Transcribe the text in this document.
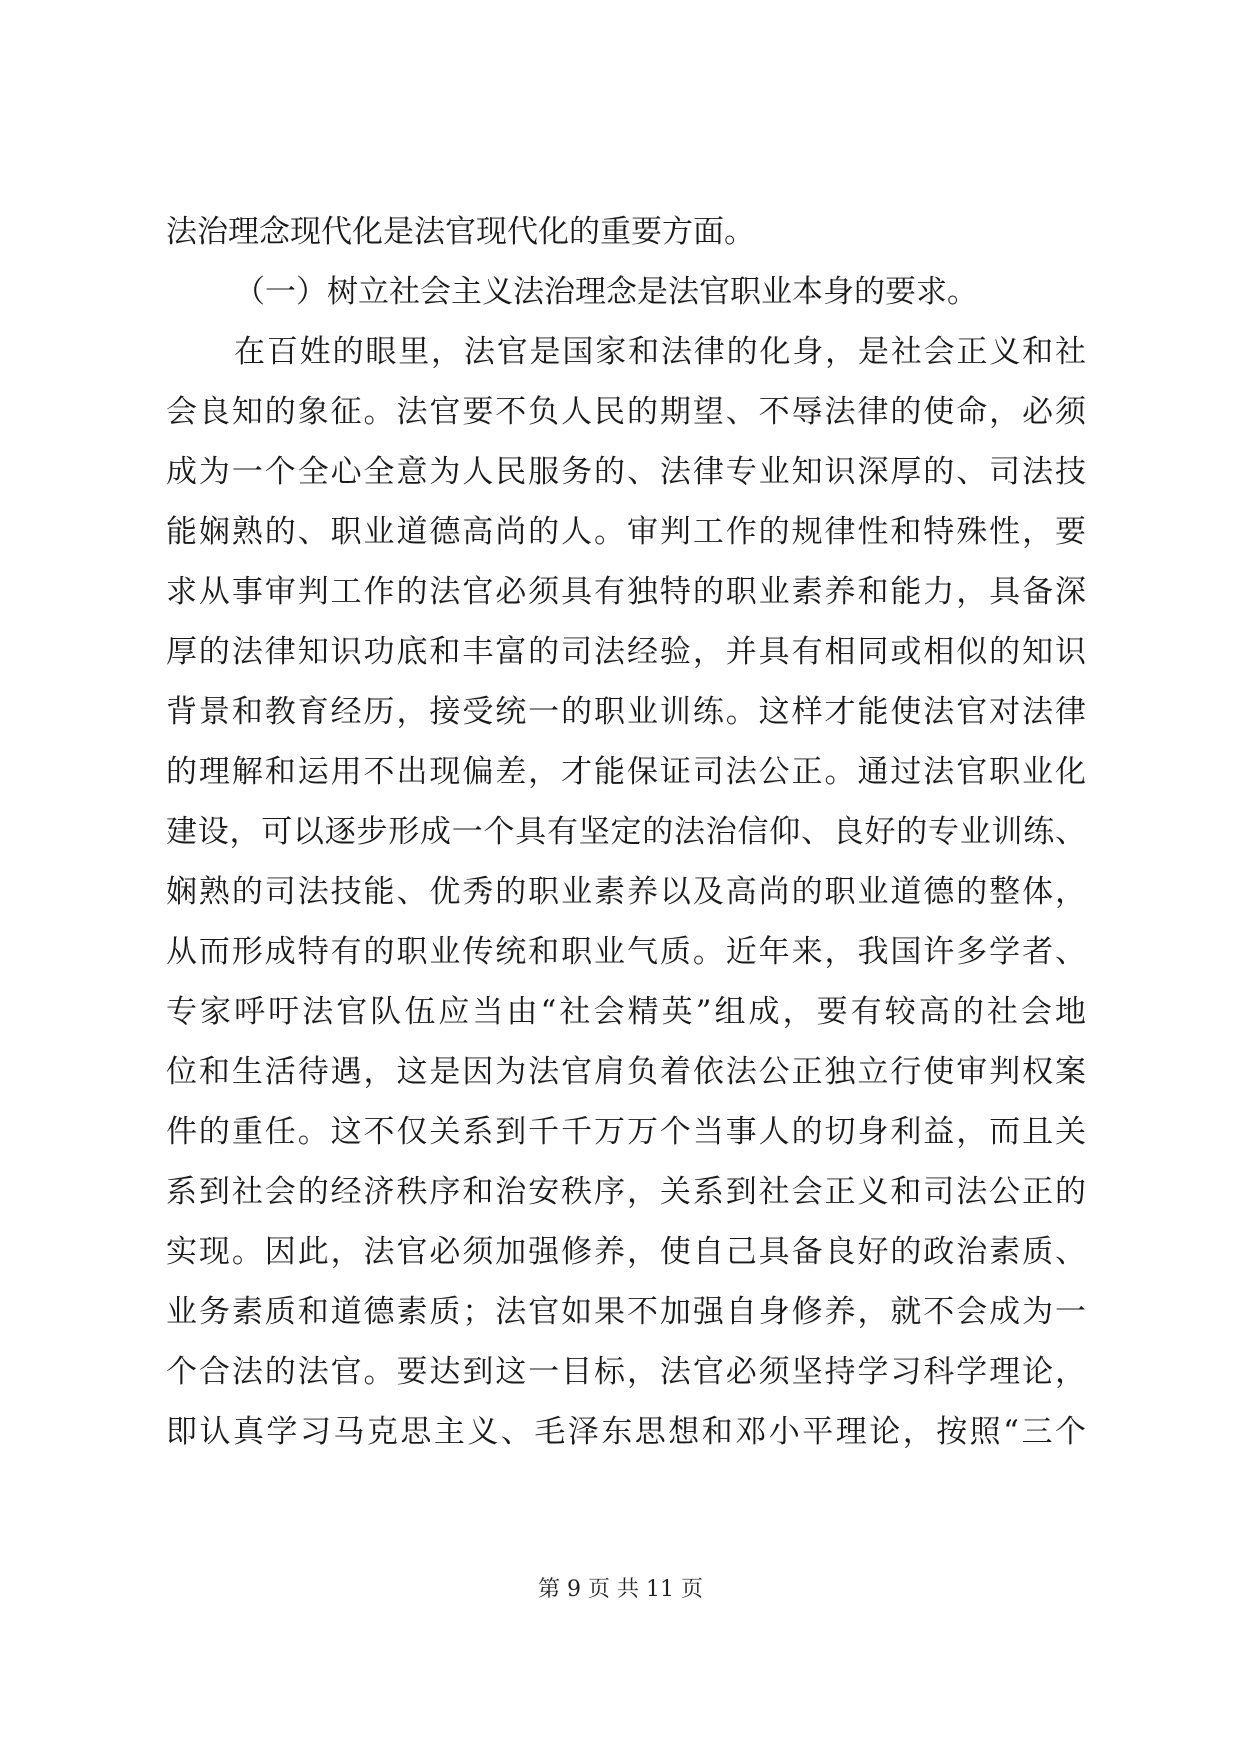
法治理念现代化是法官现代化的重要方面。
（一）树立社会主义法治理念是法官职业本身的要求。
在百姓的眼里，法官是国家和法律的化身，是社会正义和社
会良知的象征。法官要不负人民的期望、不辱法律的使命，必须
成为一个全心全意为人民服务的、法律专业知识深厚的、司法技
能娴熟的、职业道德高尚的人。审判工作的规律性和特殊性，要
求从事审判工作的法官必须具有独特的职业素养和能力，具备深
厚的法律知识功底和丰富的司法经验，并具有相同或相似的知识
背景和教育经历，接受统一的职业训练。这样才能使法官对法律
的理解和运用不出现偏差，才能保证司法公正。通过法官职业化
建设，可以逐步形成一个具有坚定的法治信仰、良好的专业训练、
娴熟的司法技能、优秀的职业素养以及高尚的职业道德的整体，
从而形成特有的职业传统和职业气质。近年来，我国许多学者、
专家呼吁法官队伍应当由“社会精英”组成，要有较高的社会地
位和生活待遇，这是因为法官肩负着依法公正独立行使审判权案
件的重任。这不仅关系到千千万万个当事人的切身利益，而且关
系到社会的经济秩序和治安秩序，关系到社会正义和司法公正的
实现。因此，法官必须加强修养，使自己具备良好的政治素质、
业务素质和道德素质；法官如果不加强自身修养，就不会成为一
个合法的法官。要达到这一目标，法官必须坚持学习科学理论，
即认真学习马克思主义、毛泽东思想和邓小平理论，按照“三个
第 9 页 共 11 页
